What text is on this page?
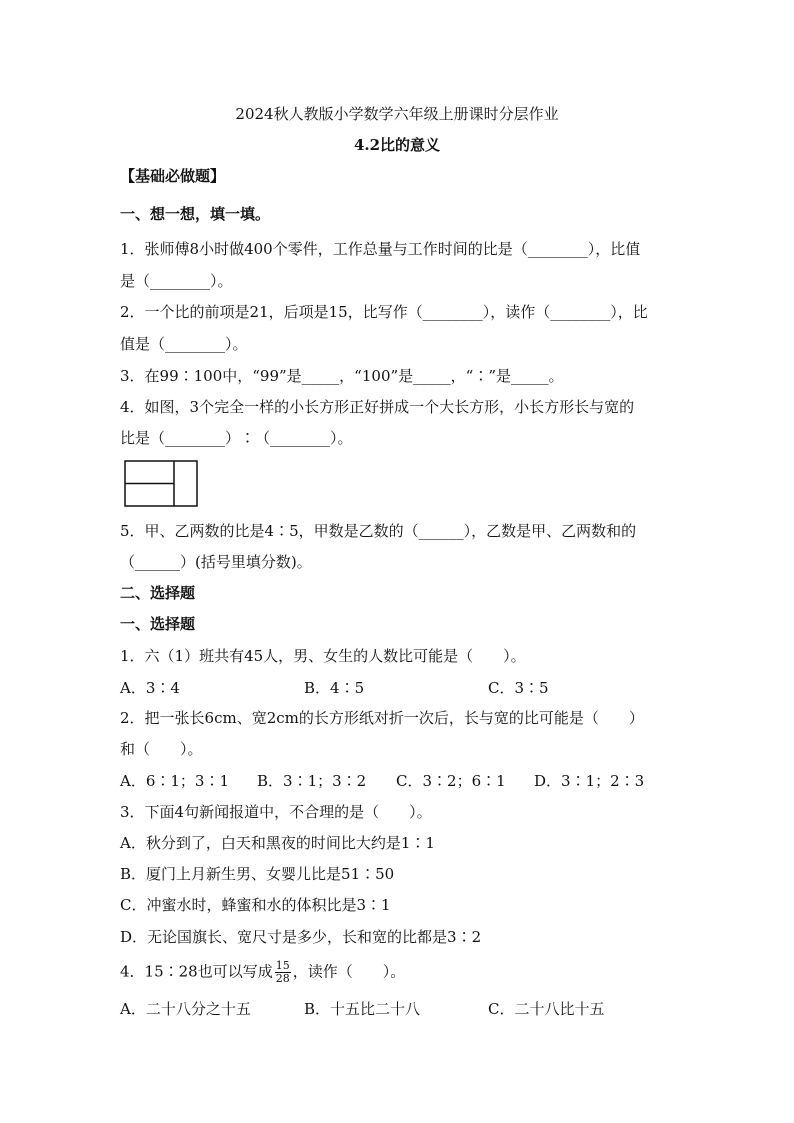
2024秋人教版小学数学六年级上册课时分层作业
4.2比的意义
【基础必做题】
一、想一想，填一填。
1．张师傅8小时做400个零件，工作总量与工作时间的比是（________），比值
是（________）。
2．一个比的前项是21，后项是15，比写作（________），读作（________），比
值是（________）。
3．在99∶100中，“99”是_____，“100”是_____，“∶”是_____。
4．如图，3个完全一样的小长方形正好拼成一个大长方形，小长方形长与宽的
比是（________）∶（________）。
5．甲、乙两数的比是4∶5，甲数是乙数的（______），乙数是甲、乙两数和的
（______）(括号里填分数)。
二、选择题
一、选择题
1．六（1）班共有45人，男、女生的人数比可能是（　　）。
A．3∶4	B．4∶5	C．3∶5
2．把一张长6cm、宽2cm的长方形纸对折一次后，长与宽的比可能是（　　）
和（　　）。
A．6∶1；3∶1	B．3∶1；3∶2	C．3∶2；6∶1	D．3∶1；2∶3
3．下面4句新闻报道中，不合理的是（　　）。
A．秋分到了，白天和黑夜的时间比大约是1∶1
B．厦门上月新生男、女婴儿比是51∶50
C．冲蜜水时，蜂蜜和水的体积比是3∶1
D．无论国旗长、宽尺寸是多少，长和宽的比都是3∶2
4．15∶28也可以写成 $\frac{15}{28}$ ，读作（　　）。
A．二十八分之十五	B．十五比二十八	C．二十八比十五
